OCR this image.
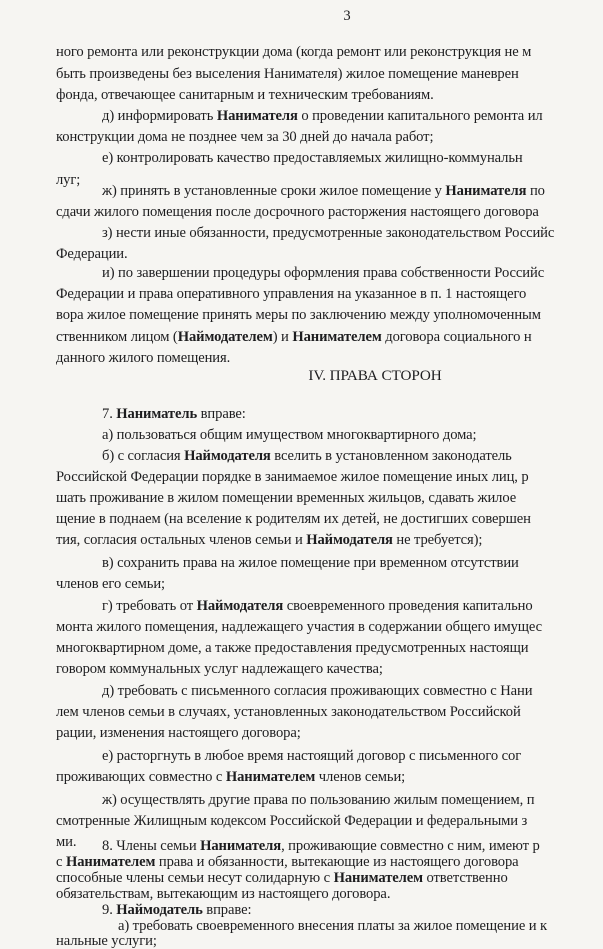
3
ного ремонта или реконструкции дома (когда ремонт или реконструкция не м
быть произведены без выселения Нанимателя) жилое помещение маневрен
фонда, отвечающее санитарным и техническим требованиям.
д) информировать Нанимателя о проведении капитального ремонта ил
конструкции дома не позднее чем за 30 дней до начала работ;
е) контролировать качество предоставляемых жилищно-коммунальн
луг;
ж) принять в установленные сроки жилое помещение у Нанимателя по
сдачи жилого помещения после досрочного расторжения настоящего договора
з) нести иные обязанности, предусмотренные законодательством Российс
Федерации.
и) по завершении процедуры оформления права собственности Российс
Федерации и права оперативного управления на указанное в п. 1 настоящего
вора жилое помещение принять меры по заключению между уполномоченным
ственником лицом (Наймодателем) и Нанимателем договора социального н
данного жилого помещения.
IV. ПРАВА СТОРОН
7. Наниматель вправе:
а) пользоваться общим имуществом многоквартирного дома;
б) с согласия Наймодателя вселить в установленном законодатель
Российской Федерации порядке в занимаемое жилое помещение иных лиц, р
шать проживание в жилом помещении временных жильцов, сдавать жилое
щение в поднаем (на вселение к родителям их детей, не достигших совершен
тия, согласия остальных членов семьи и Наймодателя не требуется);
в) сохранить права на жилое помещение при временном отсутствии
членов его семьи;
г) требовать от Наймодателя своевременного проведения капитально
монта жилого помещения, надлежащего участия в содержании общего имущес
многоквартирном доме, а также предоставления предусмотренных настоящи
говором коммунальных услуг надлежащего качества;
д) требовать с письменного согласия проживающих совместно с Нани
лем членов семьи в случаях, установленных законодательством Российской
рации, изменения настоящего договора;
е) расторгнуть в любое время настоящий договор с письменного сог
проживающих совместно с Нанимателем членов семьи;
ж) осуществлять другие права по пользованию жилым помещением, п
смотренные Жилищным кодексом Российской Федерации и федеральными з
ми. 8. Члены семьи Нанимателя, проживающие совместно с ним, имеют р
с Нанимателем права и обязанности, вытекающие из настоящего договора
способные члены семьи несут солидарную с Нанимателем ответственно
обязательствам, вытекающим из настоящего договора.
9. Наймодатель вправе:
а) требовать своевременного внесения платы за жилое помещение и к
нальные услуги;
